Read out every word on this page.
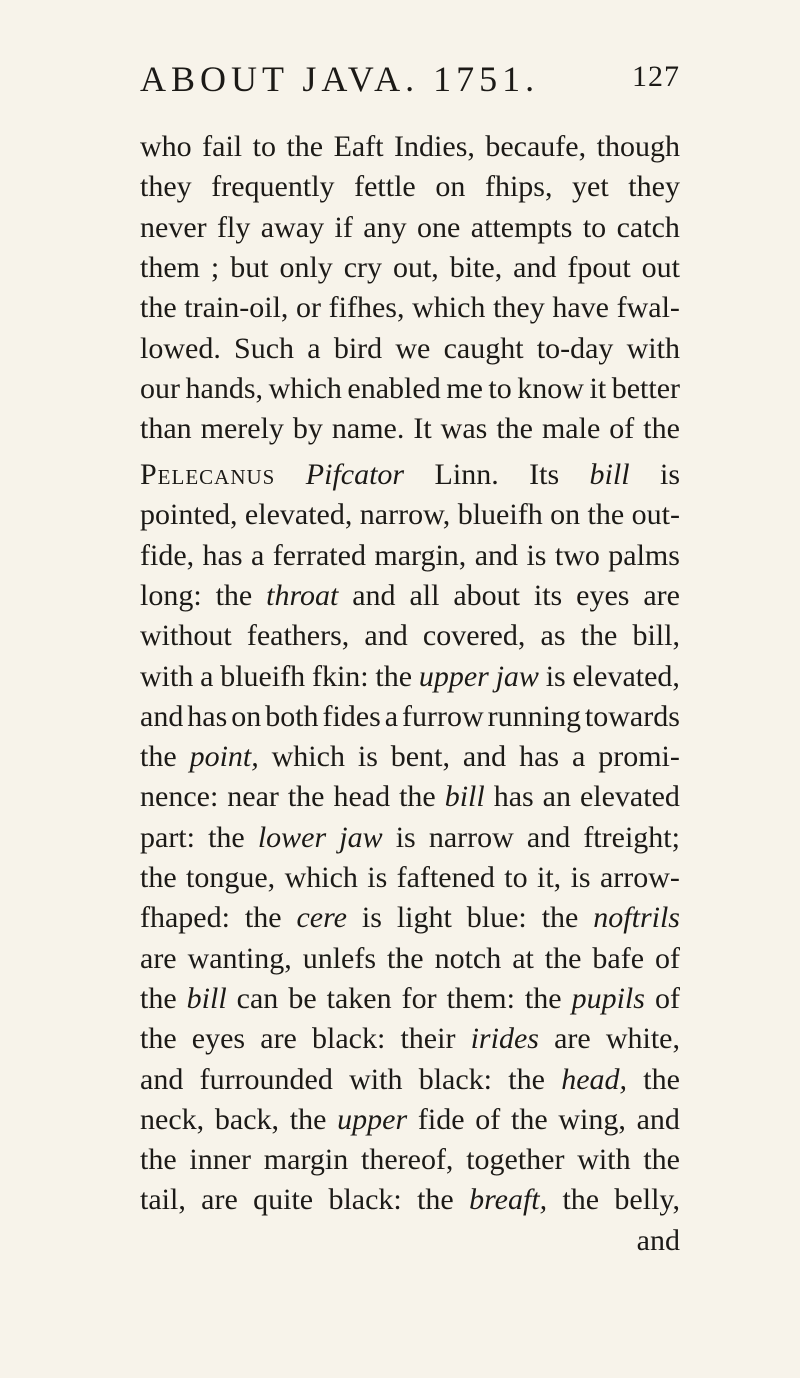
ABOUT JAVA. 1751.	127
who fail to the Eaft Indies, becaufe, though
they frequently fettle on fhips, yet they
never fly away if any one attempts to catch
them ; but only cry out, bite, and fpout out
the train-oil, or fifhes, which they have fwal-
lowed. Such a bird we caught to-day with
our hands, which enabled me to know it better
than merely by name. It was the male of the
Pelecanus Pifcator Linn. Its bill is
pointed, elevated, narrow, blueifh on the out-
fide, has a ferrated margin, and is two palms
long: the throat and all about its eyes are
without feathers, and covered, as the bill,
with a blueifh fkin: the upper jaw is elevated,
and has on both fides a furrow running towards
the point, which is bent, and has a promi-
nence: near the head the bill has an elevated
part: the lower jaw is narrow and ftreight;
the tongue, which is faftened to it, is arrow-
fhaped: the cere is light blue: the noftrils
are wanting, unlefs the notch at the bafe of
the bill can be taken for them: the pupils of
the eyes are black: their irides are white,
and furrounded with black: the head, the
neck, back, the upper fide of the wing, and
the inner margin thereof, together with the
tail, are quite black: the breaft, the belly,
and
